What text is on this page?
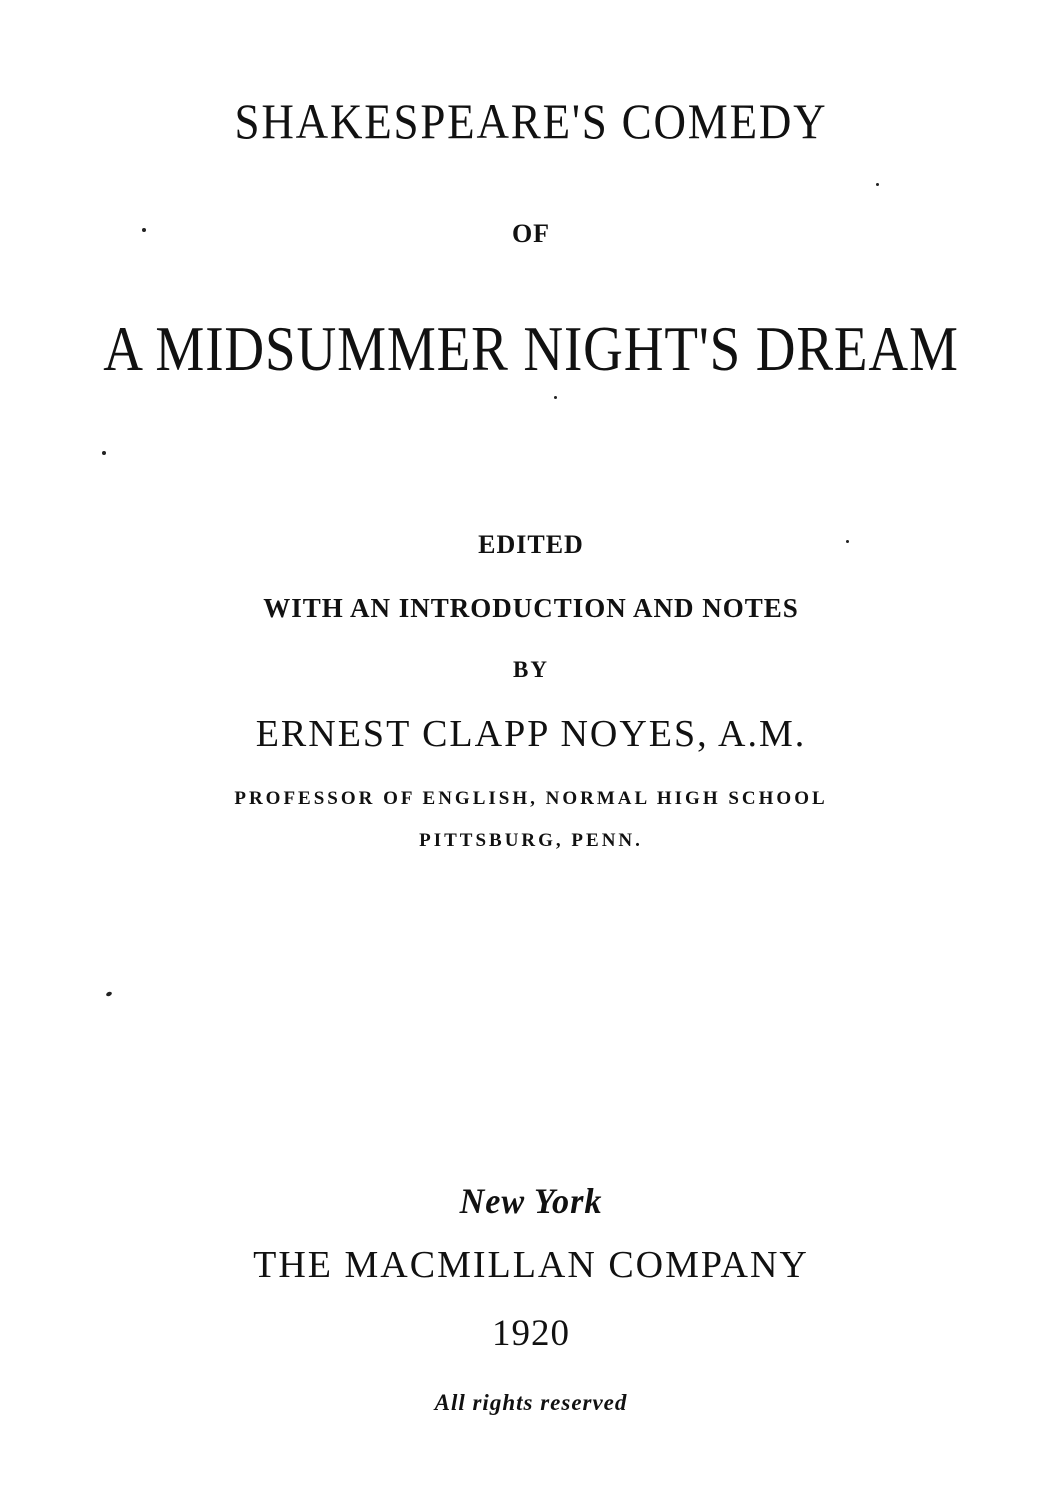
SHAKESPEARE'S COMEDY
OF
A MIDSUMMER NIGHT'S DREAM
EDITED
WITH AN INTRODUCTION AND NOTES
BY
ERNEST CLAPP NOYES, A.M.
PROFESSOR OF ENGLISH, NORMAL HIGH SCHOOL
PITTSBURG, PENN.
New York
THE MACMILLAN COMPANY
1920
All rights reserved
